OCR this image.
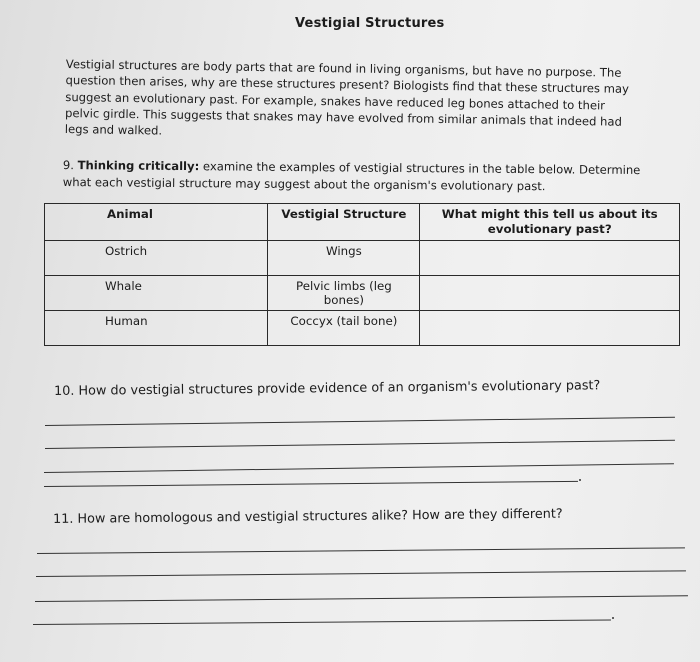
Vestigial Structures
Vestigial structures are body parts that are found in living organisms, but have no purpose. The question then arises, why are these structures present? Biologists find that these structures may suggest an evolutionary past. For example, snakes have reduced leg bones attached to their pelvic girdle. This suggests that snakes may have evolved from similar animals that indeed had legs and walked.
9. Thinking critically: examine the examples of vestigial structures in the table below. Determine what each vestigial structure may suggest about the organism's evolutionary past.
Animal	Vestigial Structure	What might this tell us about its evolutionary past?
Ostrich	Wings	
Whale	Pelvic limbs (leg bones)	
Human	Coccyx (tail bone)	
10. How do vestigial structures provide evidence of an organism's evolutionary past?
11. How are homologous and vestigial structures alike? How are they different?
